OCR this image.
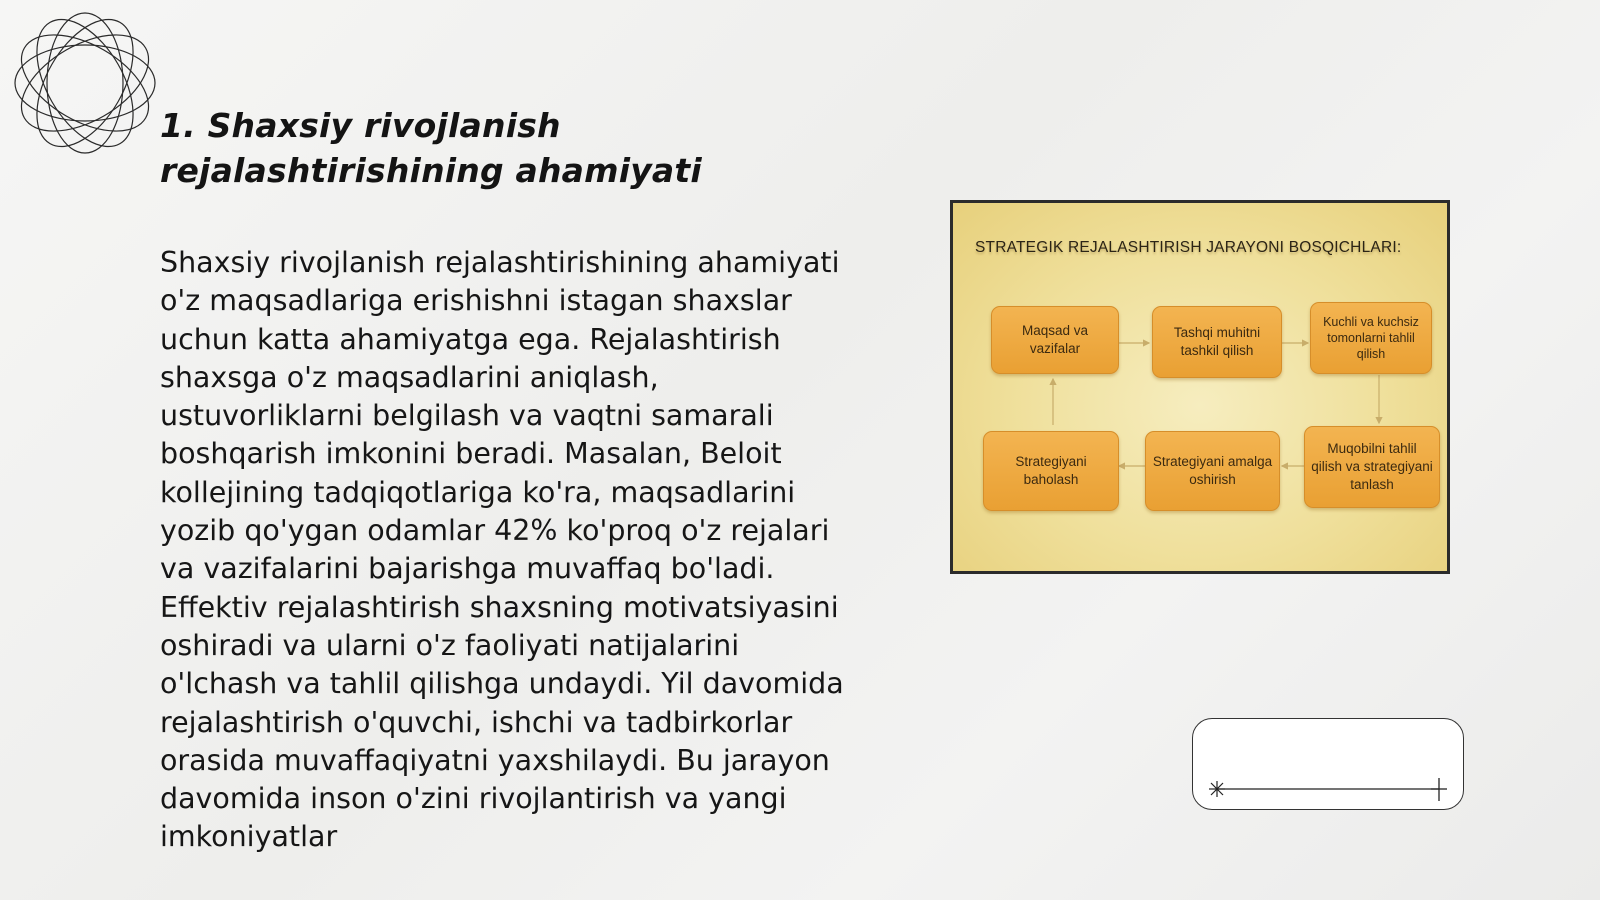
1. Shaxsiy rivojlanish rejalashtirishining ahamiyati

Shaxsiy rivojlanish rejalashtirishining ahamiyati o'z maqsadlariga erishishni istagan shaxslar uchun katta ahamiyatga ega. Rejalashtirish shaxsga o'z maqsadlarini aniqlash, ustuvorliklarni belgilash va vaqtni samarali boshqarish imkonini beradi. Masalan, Beloit kollejining tadqiqotlariga ko'ra, maqsadlarini yozib qo'ygan odamlar 42% ko'proq o'z rejalari va vazifalarini bajarishga muvaffaq bo'ladi. Effektiv rejalashtirish shaxsning motivatsiyasini oshiradi va ularni o'z faoliyati natijalarini o'lchash va tahlil qilishga undaydi. Yil davomida rejalashtirish o'quvchi, ishchi va tadbirkorlar orasida muvaffaqiyatni yaxshilaydi. Bu jarayon davomida inson o'zini rivojlantirish va yangi imkoniyatlar

STRATEGIK REJALASHTIRISH JARAYONI BOSQICHLARI:
Maqsad va vazifalar
Tashqi muhitni tashkil qilish
Kuchli va kuchsiz tomonlarni tahlil qilish
Muqobilni tahlil qilish va strategiyani tanlash
Strategiyani amalga oshirish
Strategiyani baholash
